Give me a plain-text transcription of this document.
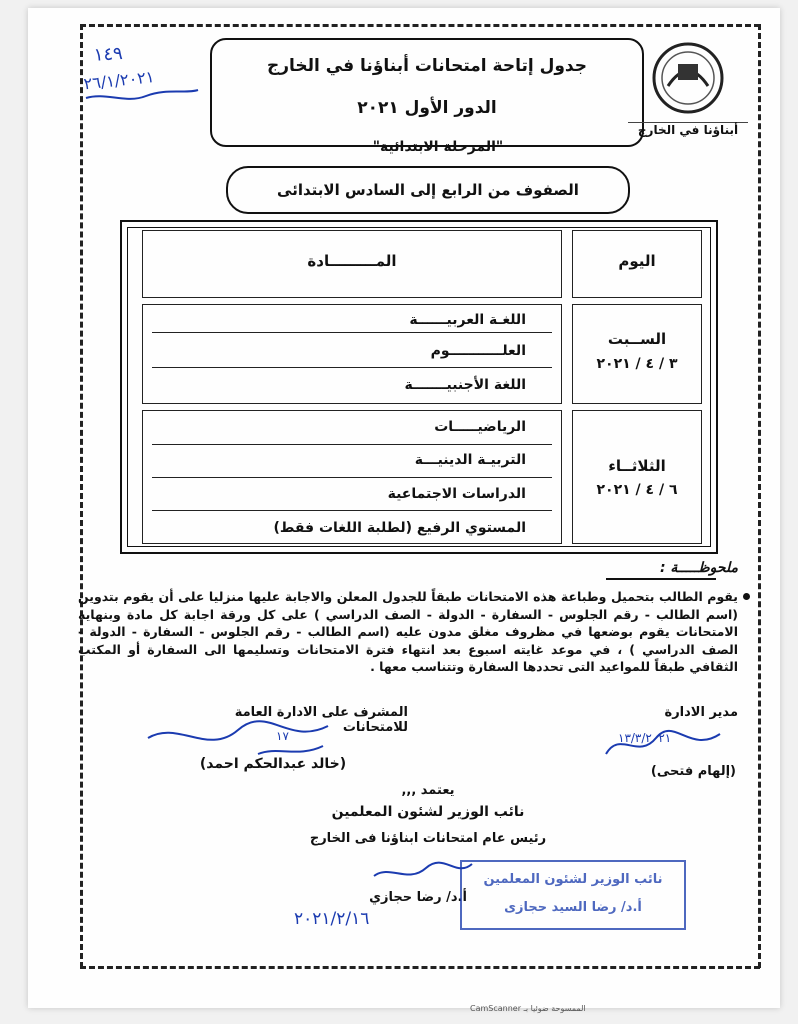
١٤٩
٢٦/١/٢٠٢١
جدول إتاحة امتحانات أبناؤنا في الخارج
الدور الأول ٢٠٢١
"المرحلة الابتدائية"
أبناؤنا في الخارج
الصفوف من الرابع إلى السادس الابتدائى
اليوم
المـــــــــادة
اللغـة العربيــــــة
العلـــــــــــوم
اللغة الأجنبيـــــــة
الســبت
٣ / ٤ / ٢٠٢١
الرياضيـــــات
التربيـة الدينيـــة
الدراسات الاجتماعية
المستوي الرفيع (لطلبة اللغات فقط)
الثلاثــاء
٦ / ٤ / ٢٠٢١
ملحوظـــــة :
يقوم الطالب بتحميل وطباعة هذه الامتحانات طبقاً للجدول المعلن والاجابة عليها منزليا على أن يقوم بتدوين (اسم الطالب - رقم الجلوس - السفارة - الدولة - الصف الدراسي ) على كل ورقة اجابة كل مادة وبنهاية الامتحانات يقوم بوضعها في مظروف مغلق مدون عليه (اسم الطالب - رقم الجلوس - السفارة - الدولة - الصف الدراسي ) ، في موعد غايته اسبوع بعد انتهاء فترة الامتحانات وتسليمها الى السفارة أو المكتب الثقافي طبقاً للمواعيد التى تحددها السفارة وتتناسب معها .
مدير الادارة
١٣/٣/٢٠٢١
(إلهام فتحى)
المشرف على الادارة العامة للامتحانات
١٧
(خالد عبدالحكم احمد)
يعتمد ,,,
نائب الوزير لشئون المعلمين
رئيس عام امتحانات ابناؤنا فى الخارج
أ.د/ رضا حجازي
٢٠٢١/٢/١٦
نائب الوزير لشئون المعلمين
أ.د/ رضا السيد حجازى
CamScanner الممسوحة ضوئيا بـ
